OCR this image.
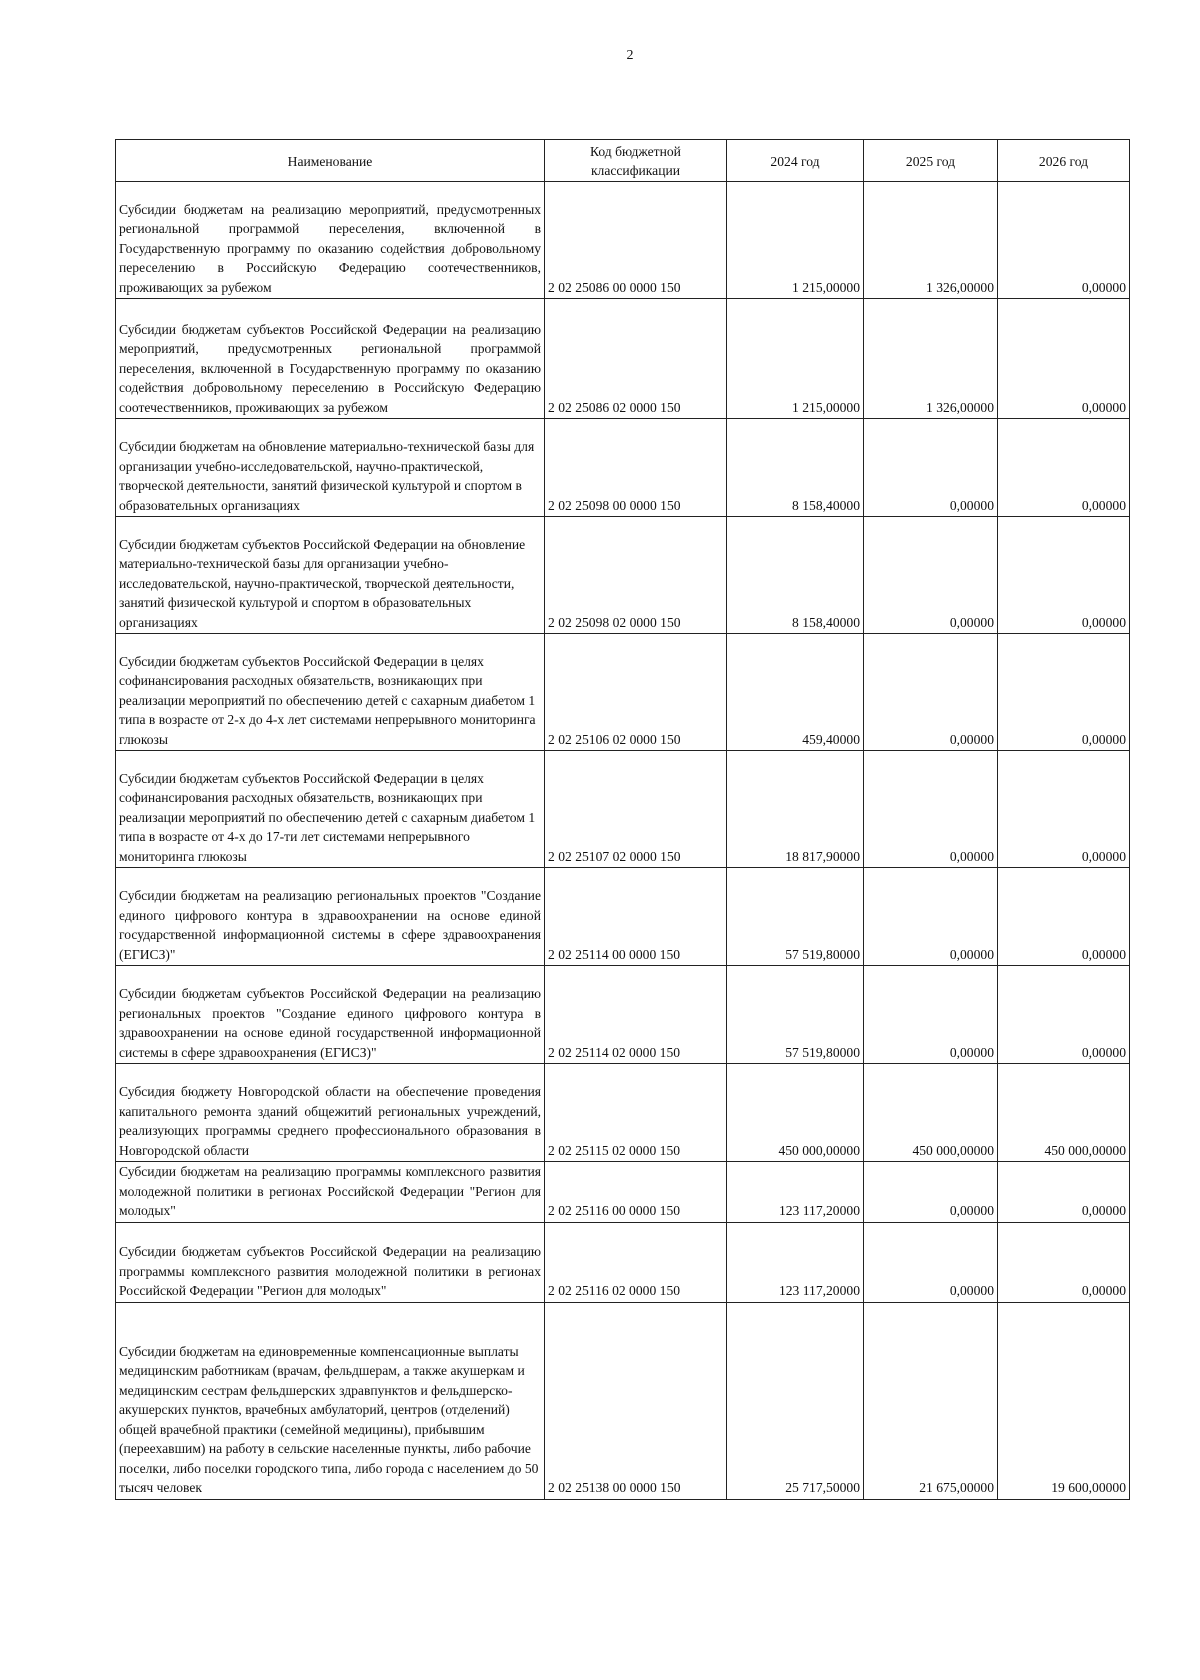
2
Наименование	Код бюджетной классификации	2024 год	2025 год	2026 год
Субсидии бюджетам на реализацию мероприятий, предусмотренных региональной программой переселения, включенной в Государственную программу по оказанию содействия добровольному переселению в Российскую Федерацию соотечественников, проживающих за рубежом	2 02 25086 00 0000 150	1 215,00000	1 326,00000	0,00000
Субсидии бюджетам субъектов Российской Федерации на реализацию мероприятий, предусмотренных региональной программой переселения, включенной в Государственную программу по оказанию содействия добровольному переселению в Российскую Федерацию соотечественников, проживающих за рубежом	2 02 25086 02 0000 150	1 215,00000	1 326,00000	0,00000
Субсидии бюджетам на обновление материально-технической базы для организации учебно-исследовательской, научно-практической, творческой деятельности, занятий физической культурой и спортом в образовательных организациях	2 02 25098 00 0000 150	8 158,40000	0,00000	0,00000
Субсидии бюджетам субъектов Российской Федерации на обновление материально-технической базы для организации учебно-исследовательской, научно-практической, творческой деятельности, занятий физической культурой и спортом в образовательных организациях	2 02 25098 02 0000 150	8 158,40000	0,00000	0,00000
Субсидии бюджетам субъектов Российской Федерации в целях софинансирования расходных обязательств, возникающих при реализации мероприятий по обеспечению детей с сахарным диабетом 1 типа в возрасте от 2-х до 4-х лет системами непрерывного мониторинга глюкозы	2 02 25106 02 0000 150	459,40000	0,00000	0,00000
Субсидии бюджетам субъектов Российской Федерации в целях софинансирования расходных обязательств, возникающих при реализации мероприятий по обеспечению детей с сахарным диабетом 1 типа в возрасте от 4-х до 17-ти лет системами непрерывного мониторинга глюкозы	2 02 25107 02 0000 150	18 817,90000	0,00000	0,00000
Субсидии бюджетам на реализацию региональных проектов "Создание единого цифрового контура в здравоохранении на основе единой государственной информационной системы в сфере здравоохранения (ЕГИСЗ)"	2 02 25114 00 0000 150	57 519,80000	0,00000	0,00000
Субсидии бюджетам субъектов Российской Федерации на реализацию региональных проектов "Создание единого цифрового контура в здравоохранении на основе единой государственной информационной системы в сфере здравоохранения (ЕГИСЗ)"	2 02 25114 02 0000 150	57 519,80000	0,00000	0,00000
Субсидия бюджету Новгородской области на обеспечение проведения капитального ремонта зданий общежитий региональных учреждений, реализующих программы среднего профессионального образования в Новгородской области	2 02 25115 02 0000 150	450 000,00000	450 000,00000	450 000,00000
Субсидии бюджетам на реализацию программы комплексного развития молодежной политики в регионах Российской Федерации "Регион для молодых"	2 02 25116 00 0000 150	123 117,20000	0,00000	0,00000
Субсидии бюджетам субъектов Российской Федерации на реализацию программы комплексного развития молодежной политики в регионах Российской Федерации "Регион для молодых"	2 02 25116 02 0000 150	123 117,20000	0,00000	0,00000
Субсидии бюджетам на единовременные компенсационные выплаты медицинским работникам (врачам, фельдшерам, а также акушеркам и медицинским сестрам фельдшерских здравпунктов и фельдшерско-акушерских пунктов, врачебных амбулаторий, центров (отделений) общей врачебной практики (семейной медицины), прибывшим (переехавшим) на работу в сельские населенные пункты, либо рабочие поселки, либо поселки городского типа, либо города с населением до 50 тысяч человек	2 02 25138 00 0000 150	25 717,50000	21 675,00000	19 600,00000
